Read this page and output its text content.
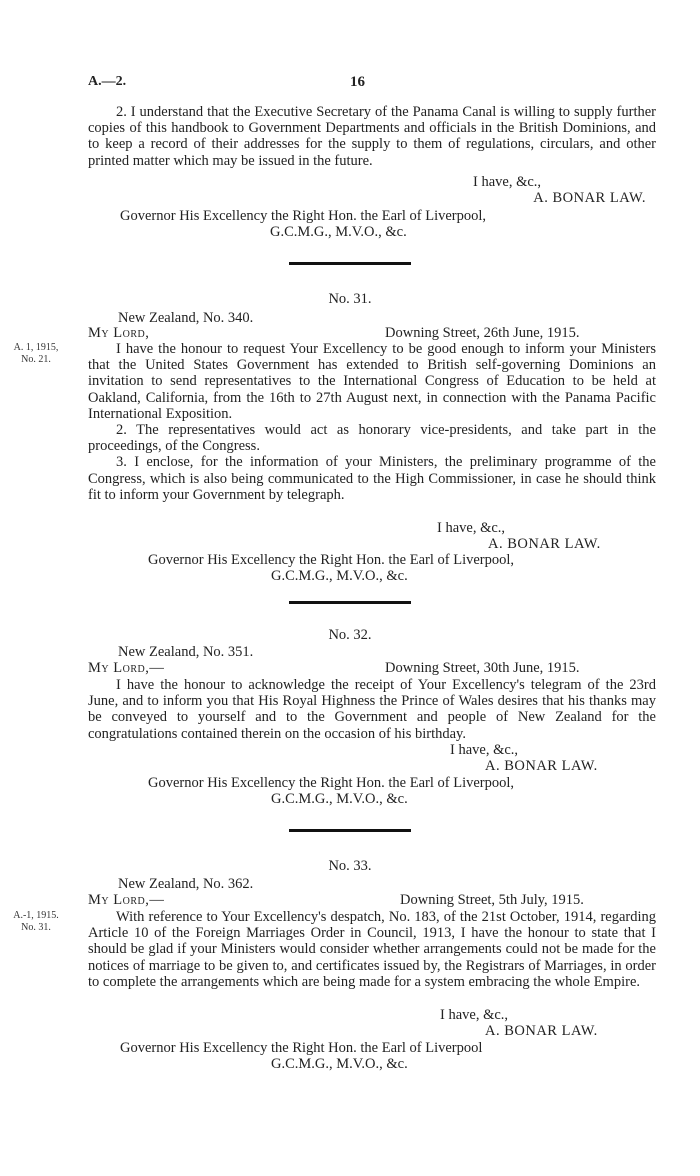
A.—2.	16

2. I understand that the Executive Secretary of the Panama Canal is willing to supply further copies of this handbook to Government Departments and officials in the British Dominions, and to keep a record of their addresses for the supply to them of regulations, circulars, and other printed matter which may be issued in the future.

I have, &c.,
A. BONAR LAW.
Governor His Excellency the Right Hon. the Earl of Liverpool,
G.C.M.G., M.V.O., &c.
No. 31.
New Zealand, No. 340.
My Lord,	Downing Street, 26th June, 1915.
A. 1, 1915,
No. 21.

I have the honour to request Your Excellency to be good enough to inform your Ministers that the United States Government has extended to British self-governing Dominions an invitation to send representatives to the International Congress of Education to be held at Oakland, California, from the 16th to 27th August next, in connection with the Panama Pacific International Exposition.

2. The representatives would act as honorary vice-presidents, and take part in the proceedings, of the Congress.

3. I enclose, for the information of your Ministers, the preliminary programme of the Congress, which is also being communicated to the High Commissioner, in case he should think fit to inform your Government by telegraph.

I have, &c.,
A. BONAR LAW.
Governor His Excellency the Right Hon. the Earl of Liverpool,
G.C.M.G., M.V.O., &c.
No. 32.
New Zealand, No. 351.
My Lord,—	Downing Street, 30th June, 1915.

I have the honour to acknowledge the receipt of Your Excellency's telegram of the 23rd June, and to inform you that His Royal Highness the Prince of Wales desires that his thanks may be conveyed to yourself and to the Government and people of New Zealand for the congratulations contained therein on the occasion of his birthday.

I have, &c.,
A. BONAR LAW.
Governor His Excellency the Right Hon. the Earl of Liverpool,
G.C.M.G., M.V.O., &c.
No. 33.
New Zealand, No. 362.
My Lord,—	Downing Street, 5th July, 1915.
A.-1, 1915.
No. 31.

With reference to Your Excellency's despatch, No. 183, of the 21st October, 1914, regarding Article 10 of the Foreign Marriages Order in Council, 1913, I have the honour to state that I should be glad if your Ministers would consider whether arrangements could not be made for the notices of marriage to be given to, and certificates issued by, the Registrars of Marriages, in order to complete the arrangements which are being made for a system embracing the whole Empire.

I have, &c.,
A. BONAR LAW.
Governor His Excellency the Right Hon. the Earl of Liverpool
G.C.M.G., M.V.O., &c.
